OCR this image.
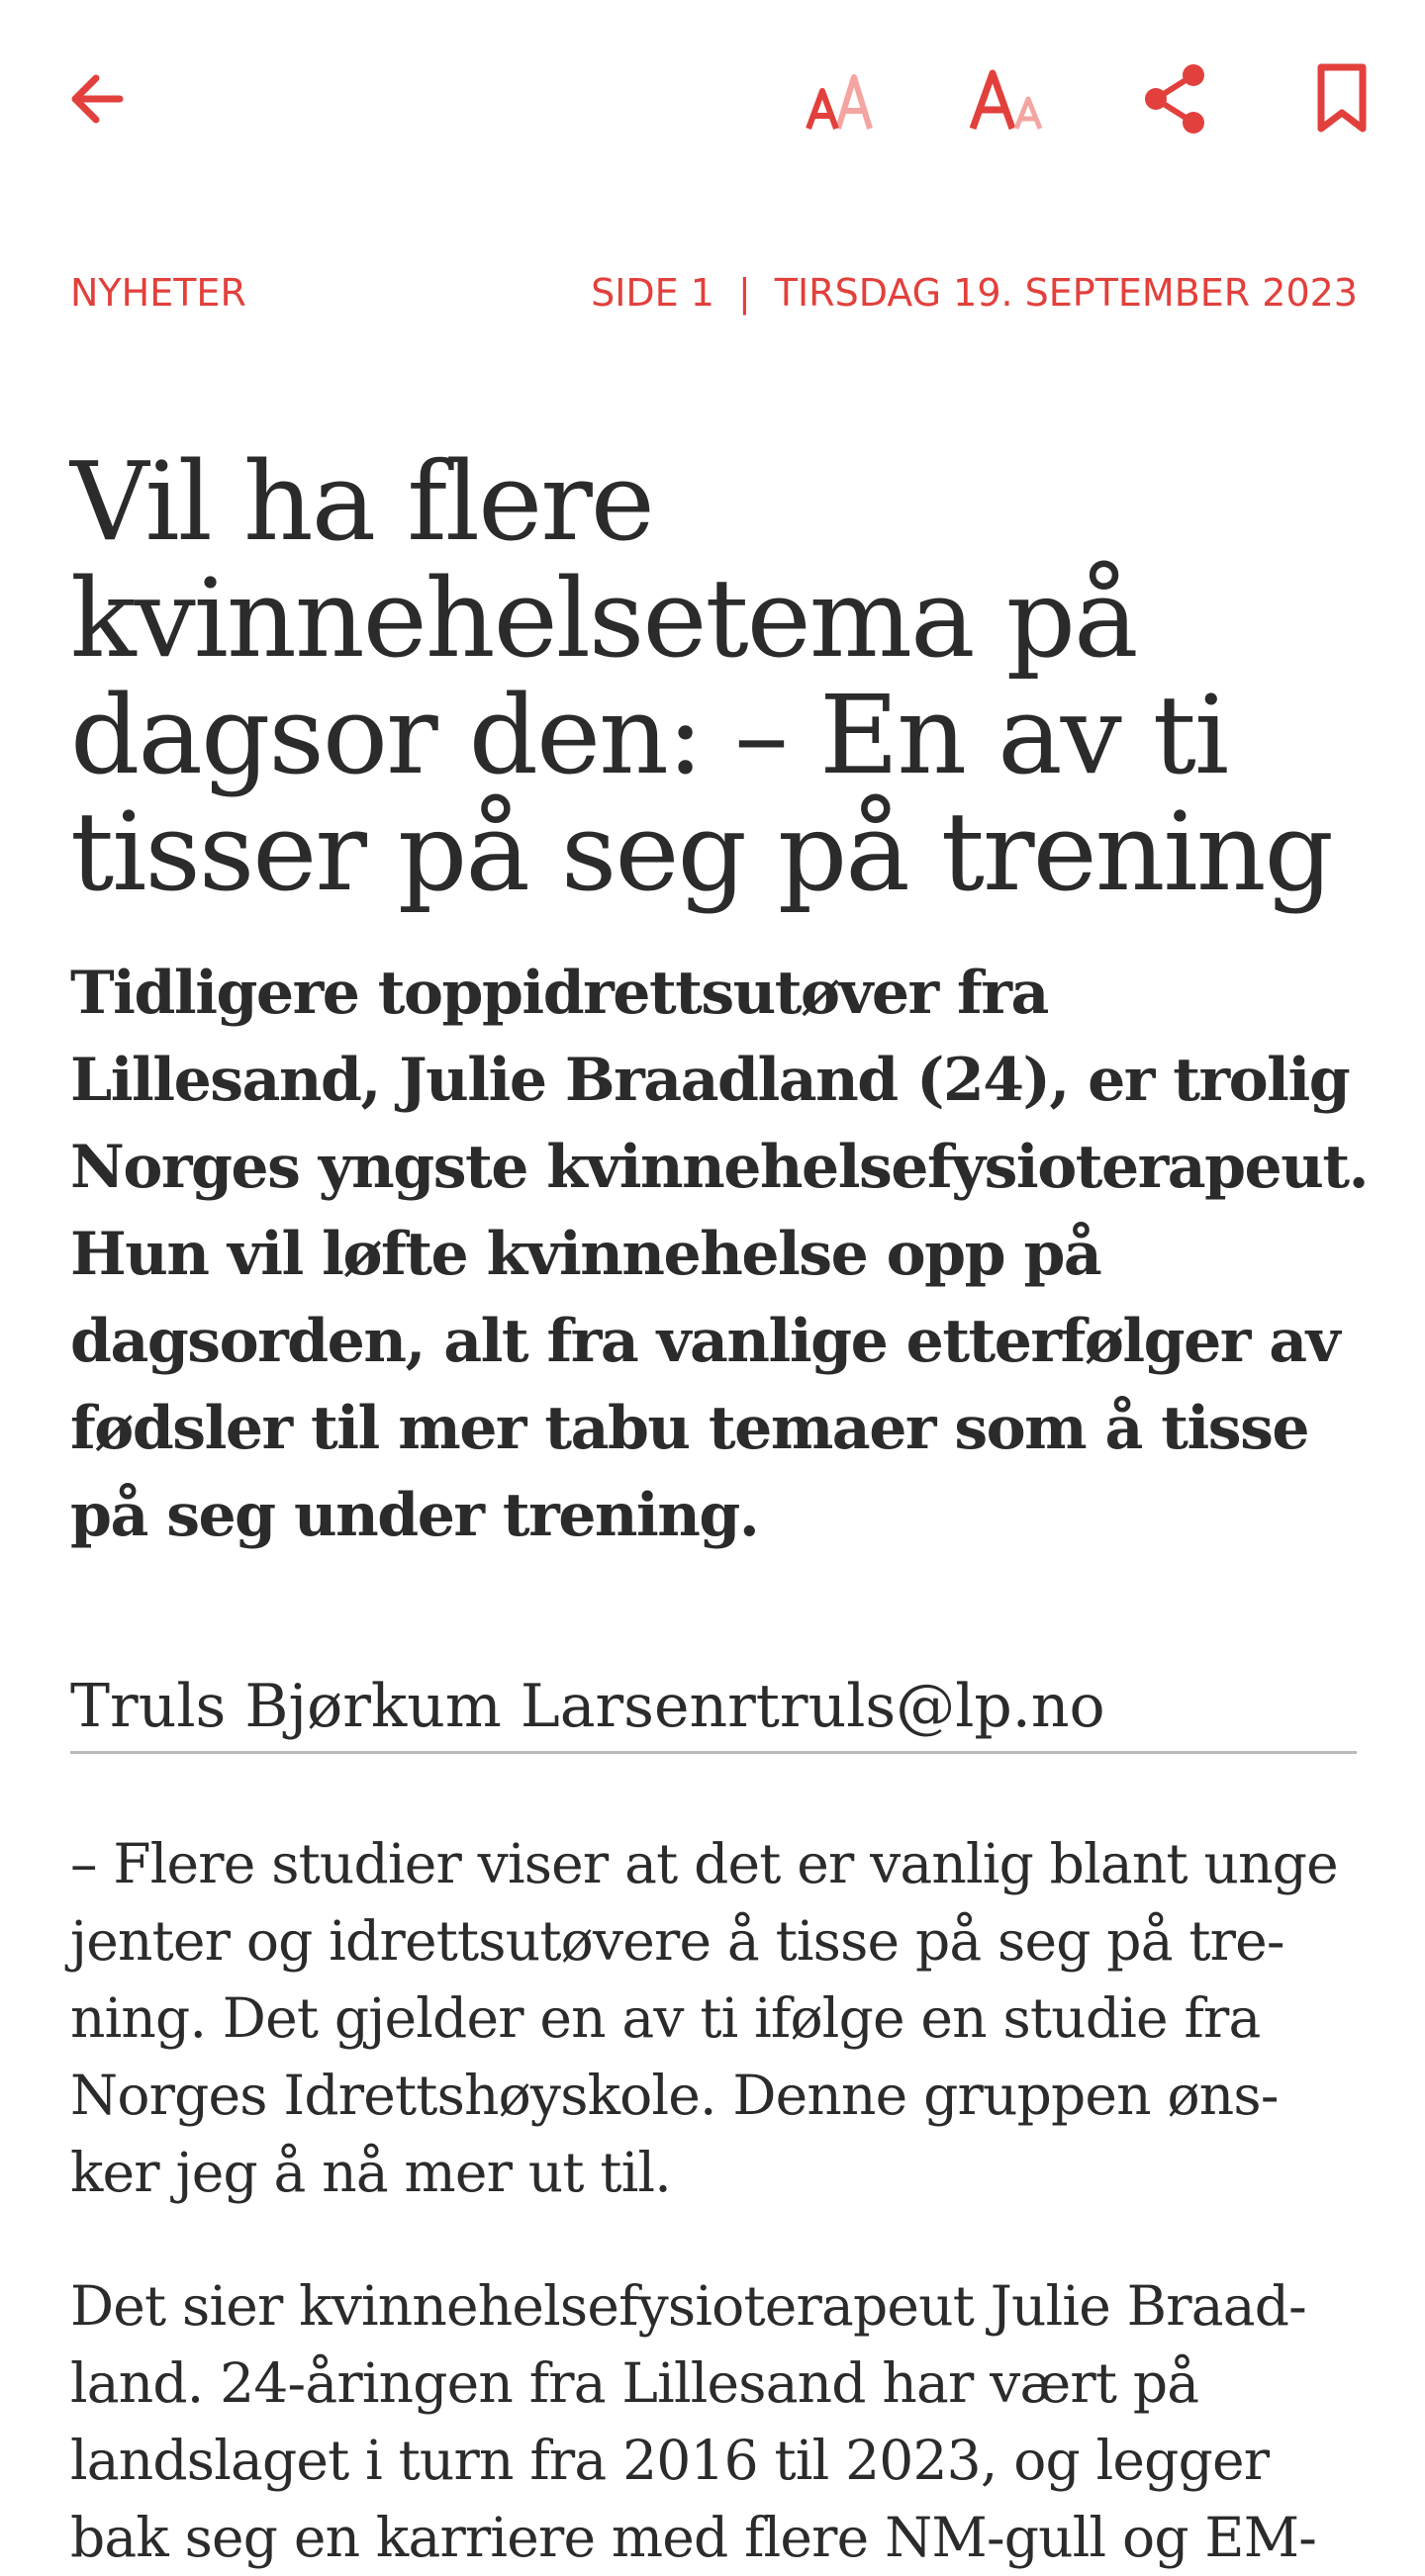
NYHETER	SIDE 1 | TIRSDAG 19. SEPTEMBER 2023
Vil ha flere kvinnehelsetema på dagsor den: – En av ti tisser på seg på trening

Tidligere toppidrettsutøver fra Lillesand, Julie Braadland (24), er trolig Norges yngste kvinnehelsefysioterapeut. Hun vil løfte kvinnehelse opp på dagsorden, alt fra vanlige etterfølger av fødsler til mer tabu temaer som å tisse på seg under trening.

Truls Bjørkum Larsenrtruls@lp.no

– Flere studier viser at det er vanlig blant unge jenter og idrettsutøvere å tisse på seg på tre- ning. Det gjelder en av ti ifølge en studie fra Norges Idrettshøyskole. Denne gruppen øns- ker jeg å nå mer ut til.

Det sier kvinnehelsefysioterapeut Julie Braad- land. 24-åringen fra Lillesand har vært på landslaget i turn fra 2016 til 2023, og legger bak seg en karriere med flere NM-gull og EM-
